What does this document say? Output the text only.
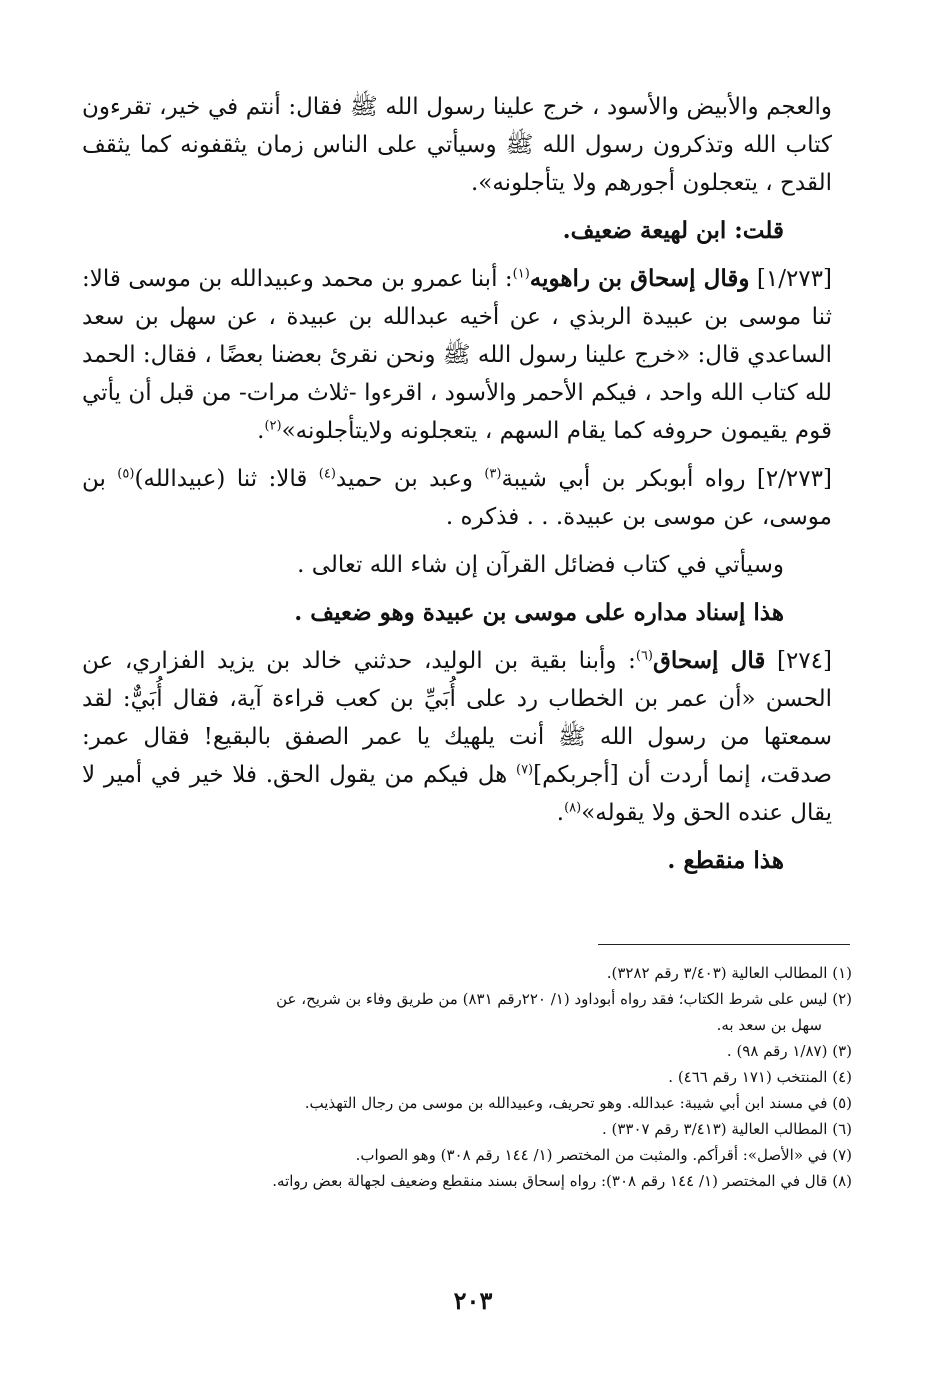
والعجم والأبيض والأسود ، خرج علينا رسول الله ﷺ فقال: أنتم في خير، تقرءون كتاب الله وتذكرون رسول الله ﷺ وسيأتي على الناس زمان يثقفونه كما يثقف القدح ، يتعجلون أجورهم ولا يتأجلونه».

قلت: ابن لهيعة ضعيف.

[١/٢٧٣] وقال إسحاق بن راهويه$^{(١)}$: أبنا عمرو بن محمد وعبيدالله بن موسى قالا: ثنا موسى بن عبيدة الربذي ، عن أخيه عبدالله بن عبيدة ، عن سهل بن سعد الساعدي قال: «خرج علينا رسول الله ﷺ ونحن نقرئ بعضنا بعضًا ، فقال: الحمد لله كتاب الله واحد ، فيكم الأحمر والأسود ، اقرءوا -ثلاث مرات- من قبل أن يأتي قوم يقيمون حروفه كما يقام السهم ، يتعجلونه ولايتأجلونه»$^{(٢)}$.

[٢/٢٧٣] رواه أبوبكر بن أبي شيبة$^{(٣)}$ وعبد بن حميد$^{(٤)}$ قالا: ثنا (عبيدالله)$^{(٥)}$ بن موسى، عن موسى بن عبيدة. . . فذكره .

وسيأتي في كتاب فضائل القرآن إن شاء الله تعالى .

هذا إسناد مداره على موسى بن عبيدة وهو ضعيف .

[٢٧٤] قال إسحاق$^{(٦)}$: وأبنا بقية بن الوليد، حدثني خالد بن يزيد الفزاري، عن الحسن «أن عمر بن الخطاب رد على أُبَيِّ بن كعب قراءة آية، فقال أُبَيٌّ: لقد سمعتها من رسول الله ﷺ أنت يلهيك يا عمر الصفق بالبقيع! فقال عمر: صدقت، إنما أردت أن [أجربكم]$^{(٧)}$ هل فيكم من يقول الحق. فلا خير في أمير لا يقال عنده الحق ولا يقوله»$^{(٨)}$.

هذا منقطع .

(١) المطالب العالية (٣/٤٠٣ رقم ٣٢٨٢).

(٢) ليس على شرط الكتاب؛ فقد رواه أبوداود (١/ ٢٢٠رقم ٨٣١) من طريق وفاء بن شريح، عن

سهل بن سعد به.

(٣) (١/٨٧ رقم ٩٨) .

(٤) المنتخب (١٧١ رقم ٤٦٦) .

(٥) في مسند ابن أبي شيبة: عبدالله. وهو تحريف، وعبيدالله بن موسى من رجال التهذيب.

(٦) المطالب العالية (٣/٤١٣ رقم ٣٣٠٧) .

(٧) في «الأصل»: أقرأكم. والمثبت من المختصر (١/ ١٤٤ رقم ٣٠٨) وهو الصواب.

(٨) قال في المختصر (١/ ١٤٤ رقم ٣٠٨): رواه إسحاق بسند منقطع وضعيف لجهالة بعض رواته.

٢٠٣
